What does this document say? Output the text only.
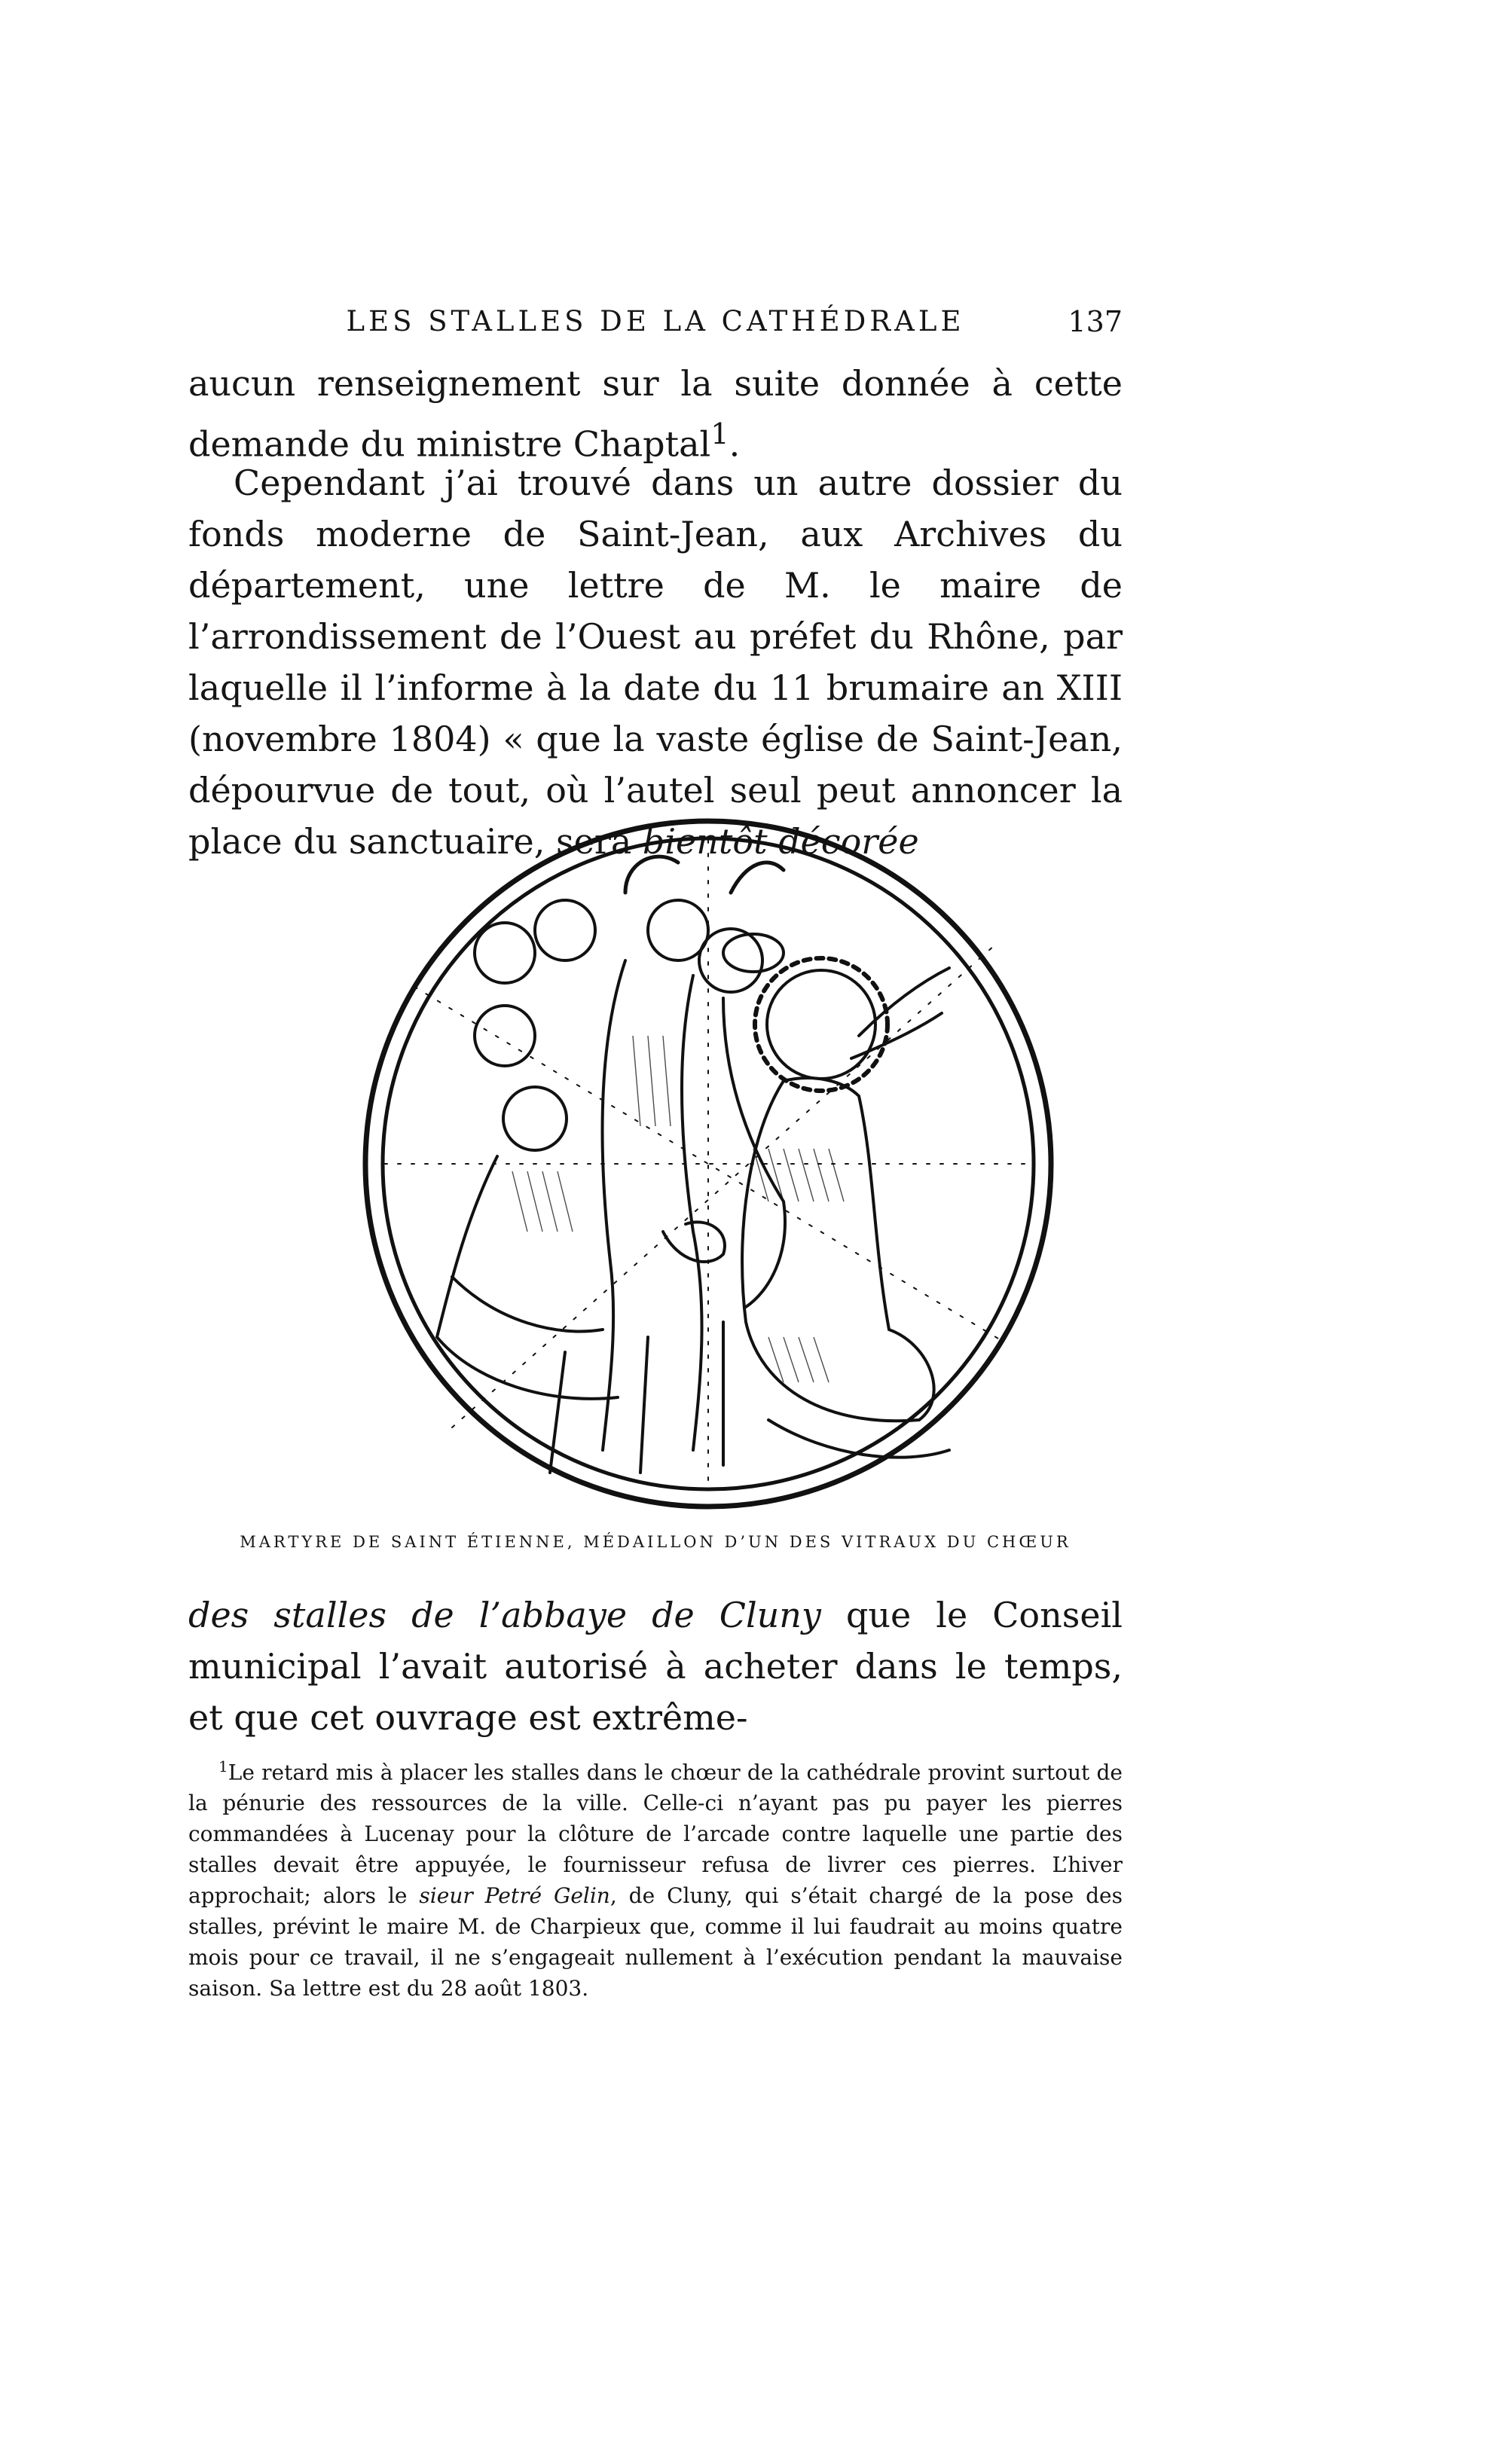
LES STALLES DE LA CATHÉDRALE	137

aucun renseignement sur la suite donnée à cette demande du ministre Chaptal$^1$.

Cependant j’ai trouvé dans un autre dossier du fonds moderne de Saint-Jean, aux Archives du département, une lettre de M. le maire de l’arrondissement de l’Ouest au préfet du Rhône, par laquelle il l’informe à la date du 11 brumaire an XIII (novembre 1804) « que la vaste église de Saint-Jean, dépourvue de tout, où l’autel seul peut annoncer la place du sanctuaire, sera bientôt décorée

MARTYRE DE SAINT ÉTIENNE, MÉDAILLON D’UN DES VITRAUX DU CHŒUR

des stalles de l’abbaye de Cluny que le Conseil municipal l’avait autorisé à acheter dans le temps, et que cet ouvrage est extrême-

$^1$Le retard mis à placer les stalles dans le chœur de la cathédrale provint surtout de la pénurie des ressources de la ville. Celle-ci n’ayant pas pu payer les pierres commandées à Lucenay pour la clôture de l’arcade contre laquelle une partie des stalles devait être appuyée, le fournisseur refusa de livrer ces pierres. L’hiver approchait; alors le sieur Petré Gelin, de Cluny, qui s’était chargé de la pose des stalles, prévint le maire M. de Charpieux que, comme il lui faudrait au moins quatre mois pour ce travail, il ne s’engageait nullement à l’exécution pendant la mauvaise saison. Sa lettre est du 28 août 1803.
